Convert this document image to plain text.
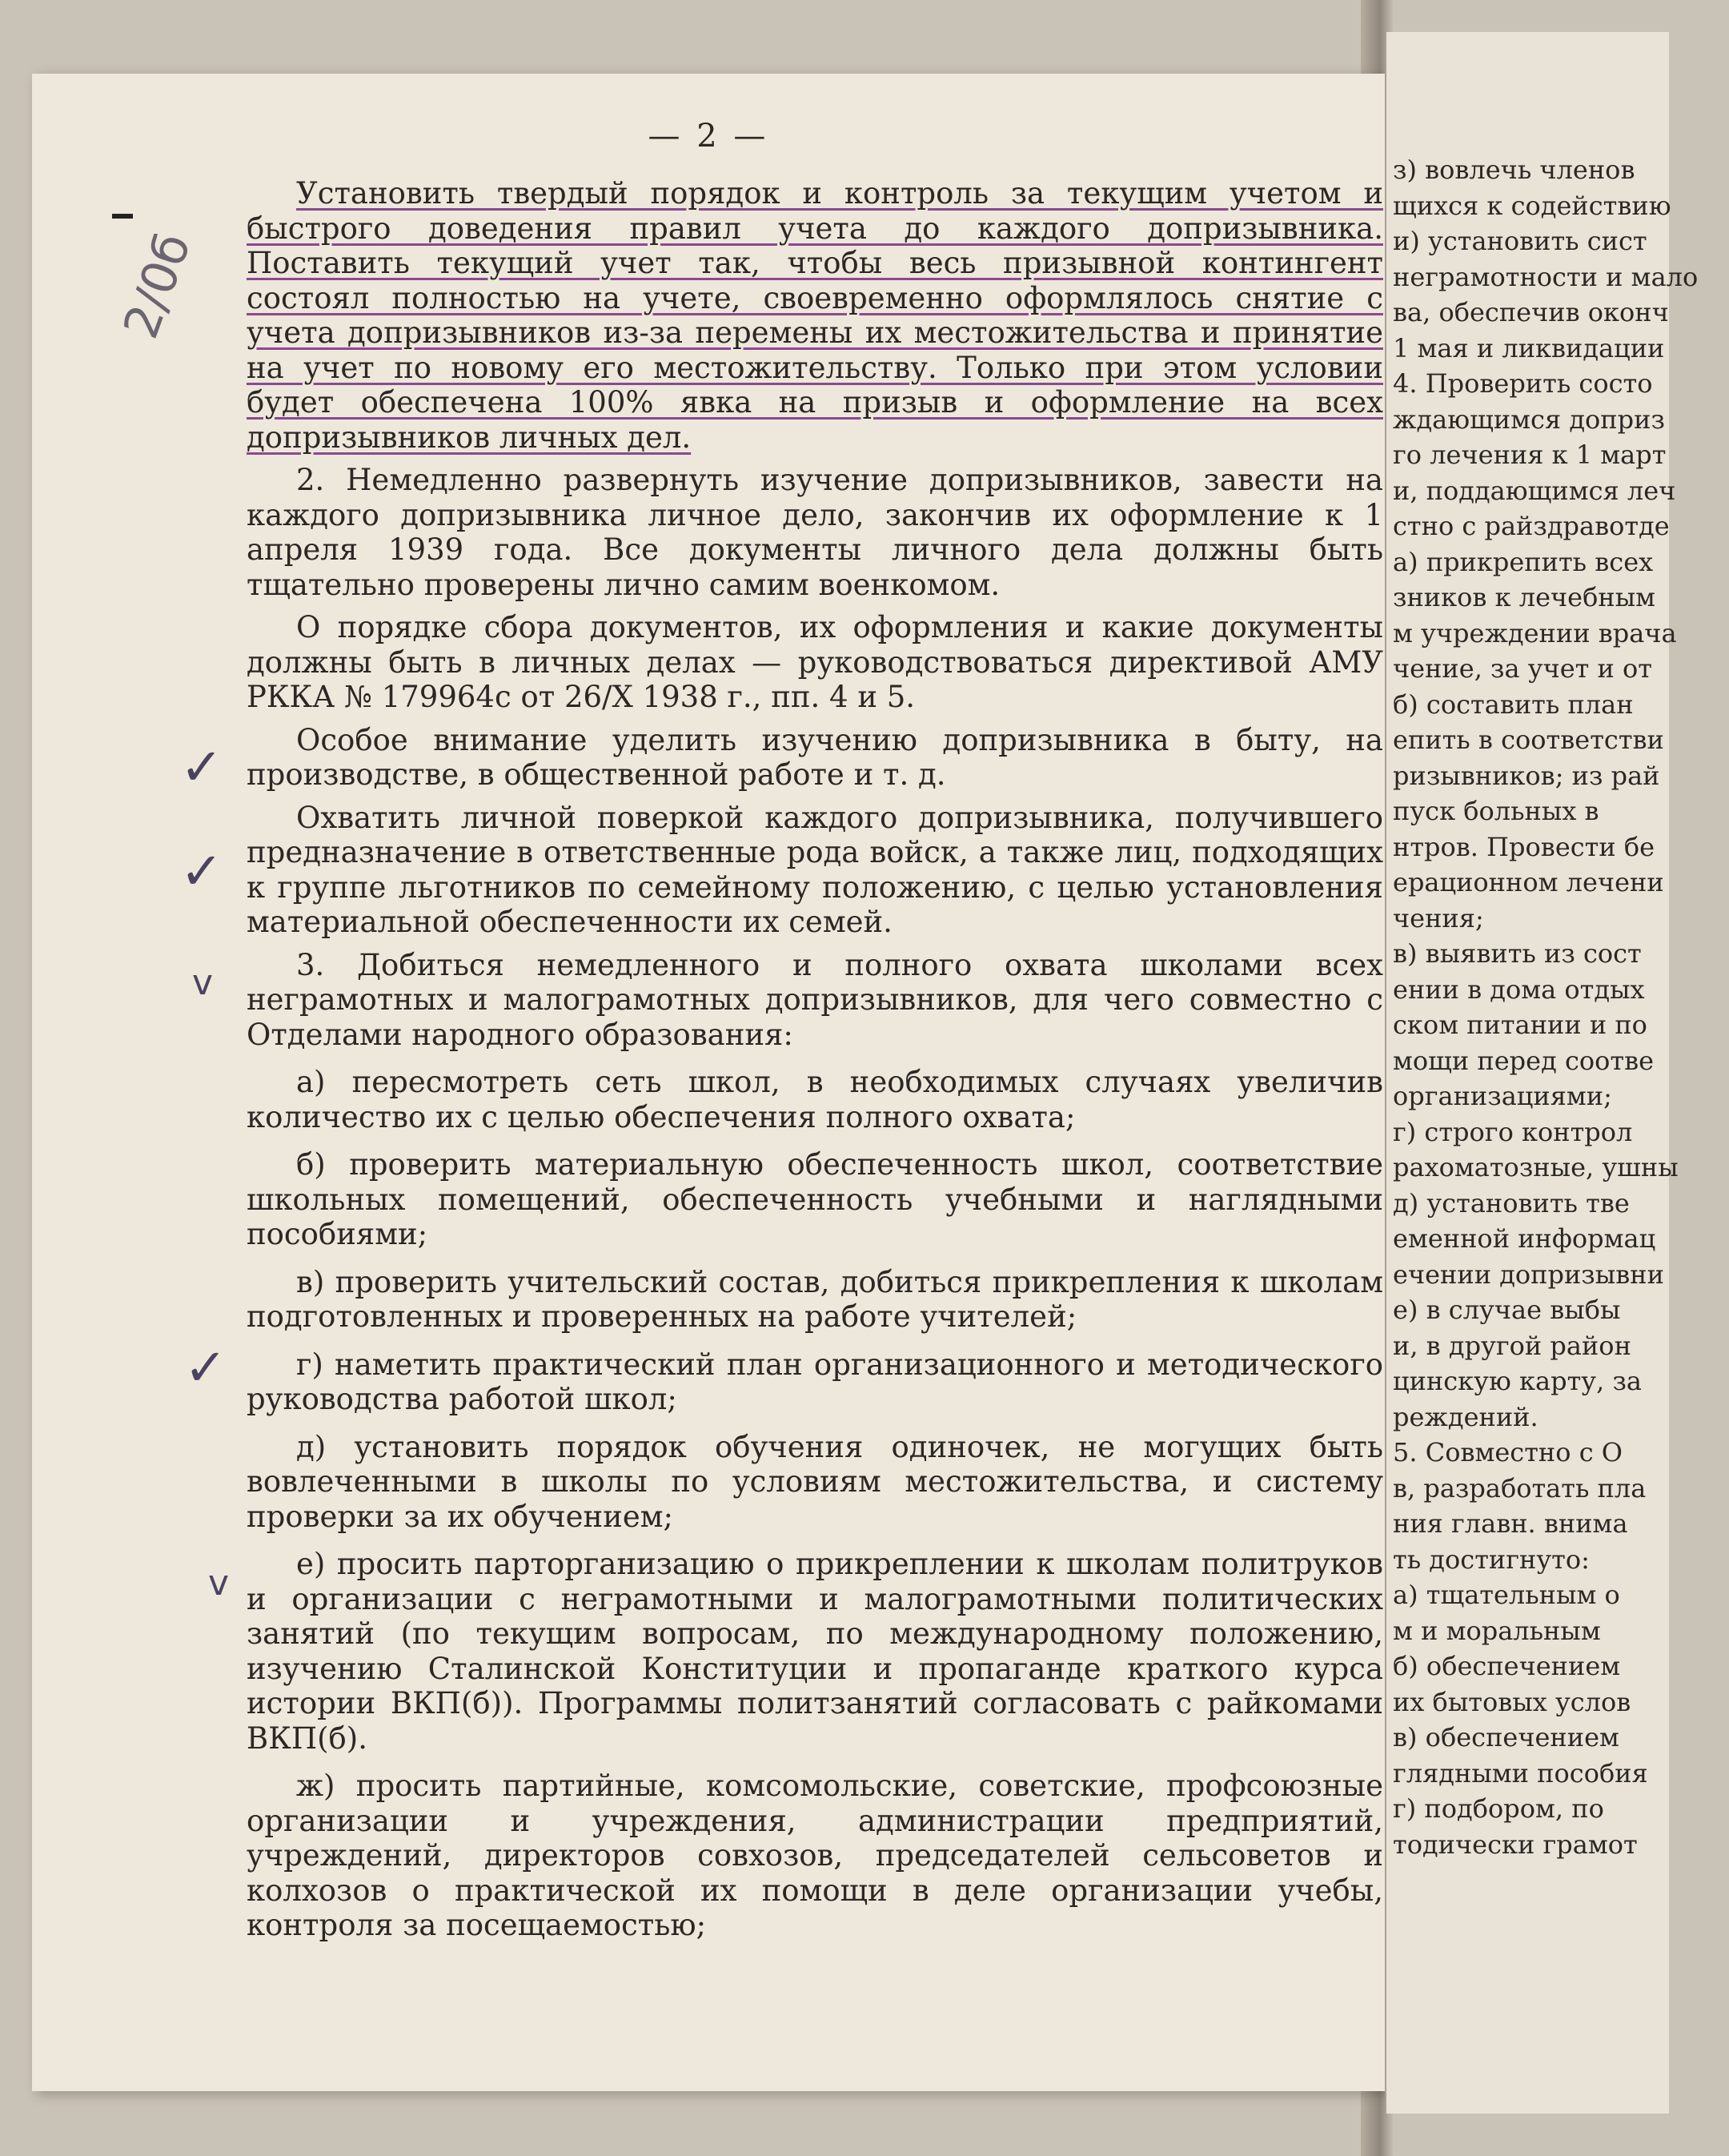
— 2 —
2/0б
✓
✓
v
✓
v

Установить твердый порядок и контроль за текущим учетом и быстрого доведения правил учета до каждого допризывника. Поставить текущий учет так, чтобы весь призывной контингент состоял полностью на учете, своевременно оформлялось снятие с учета допризывников из-за перемены их местожительства и принятие на учет по новому его местожительству. Только при этом условии будет обеспечена 100% явка на призыв и оформление на всех допризывников личных дел.

2. Немедленно развернуть изучение допризывников, завести на каждого допризывника личное дело, закончив их оформление к 1 апреля 1939 года. Все документы личного дела должны быть тщательно проверены лично самим военкомом.

О порядке сбора документов, их оформления и какие документы должны быть в личных делах — руководствоваться директивой АМУ РККА № 179964с от 26/X 1938 г., пп. 4 и 5.

Особое внимание уделить изучению допризывника в быту, на производстве, в общественной работе и т. д.

Охватить личной поверкой каждого допризывника, получившего предназначение в ответственные рода войск, а также лиц, подходящих к группе льготников по семейному положению, с целью установления материальной обеспеченности их семей.

3. Добиться немедленного и полного охвата школами всех неграмотных и малограмотных допризывников, для чего совместно с Отделами народного образования:

а) пересмотреть сеть школ, в необходимых случаях увеличив количество их с целью обеспечения полного охвата;

б) проверить материальную обеспеченность школ, соответствие школьных помещений, обеспеченность учебными и наглядными пособиями;

в) проверить учительский состав, добиться прикрепления к школам подготовленных и проверенных на работе учителей;

г) наметить практический план организационного и методического руководства работой школ;

д) установить порядок обучения одиночек, не могущих быть вовлеченными в школы по условиям местожительства, и систему проверки за их обучением;

е) просить парторганизацию о прикреплении к школам политруков и организации с неграмотными и малограмотными политических занятий (по текущим вопросам, по международному положению, изучению Сталинской Конституции и пропаганде краткого курса истории ВКП(б)). Программы политзанятий согласовать с райкомами ВКП(б).

ж) просить партийные, комсомольские, советские, профсоюзные организации и учреждения, администрации предприятий, учреждений, директоров совхозов, председателей сельсоветов и колхозов о практической их помощи в деле организации учебы, контроля за посещаемостью;

з) вовлечь членов
щихся к содействию
и) установить сист
неграмотности и мало
ва, обеспечив оконч
1 мая и ликвидации
4. Проверить состо
ждающимся дoприз
го лечения к 1 март
и, поддающимся леч
стно с райздравотде
а) прикрепить всех
зников к лечебным
м учреждении врача
чение, за учет и от
б) составить план
епить в соответстви
ризывников; из рай
пуск больных в
нтров. Провести бе
ерационном лечени
чения;
в) выявить из сост
ении в дома отдых
ском питании и по
мощи перед соотве
организациями;
г) строго контрол
рахоматозные, ушны
д) установить тве
еменной информац
ечении допризывни
е) в случае выбы
и, в другой район
цинскую карту, за
реждений.
5. Совместно с О
в, разработать пла
ния главн. внима
ть достигнуто:
а) тщательным о
м и моральным
б) обеспечением
их бытовых услов
в) обеспечением
глядными пособия
г) подбором, по
тодически грамот
